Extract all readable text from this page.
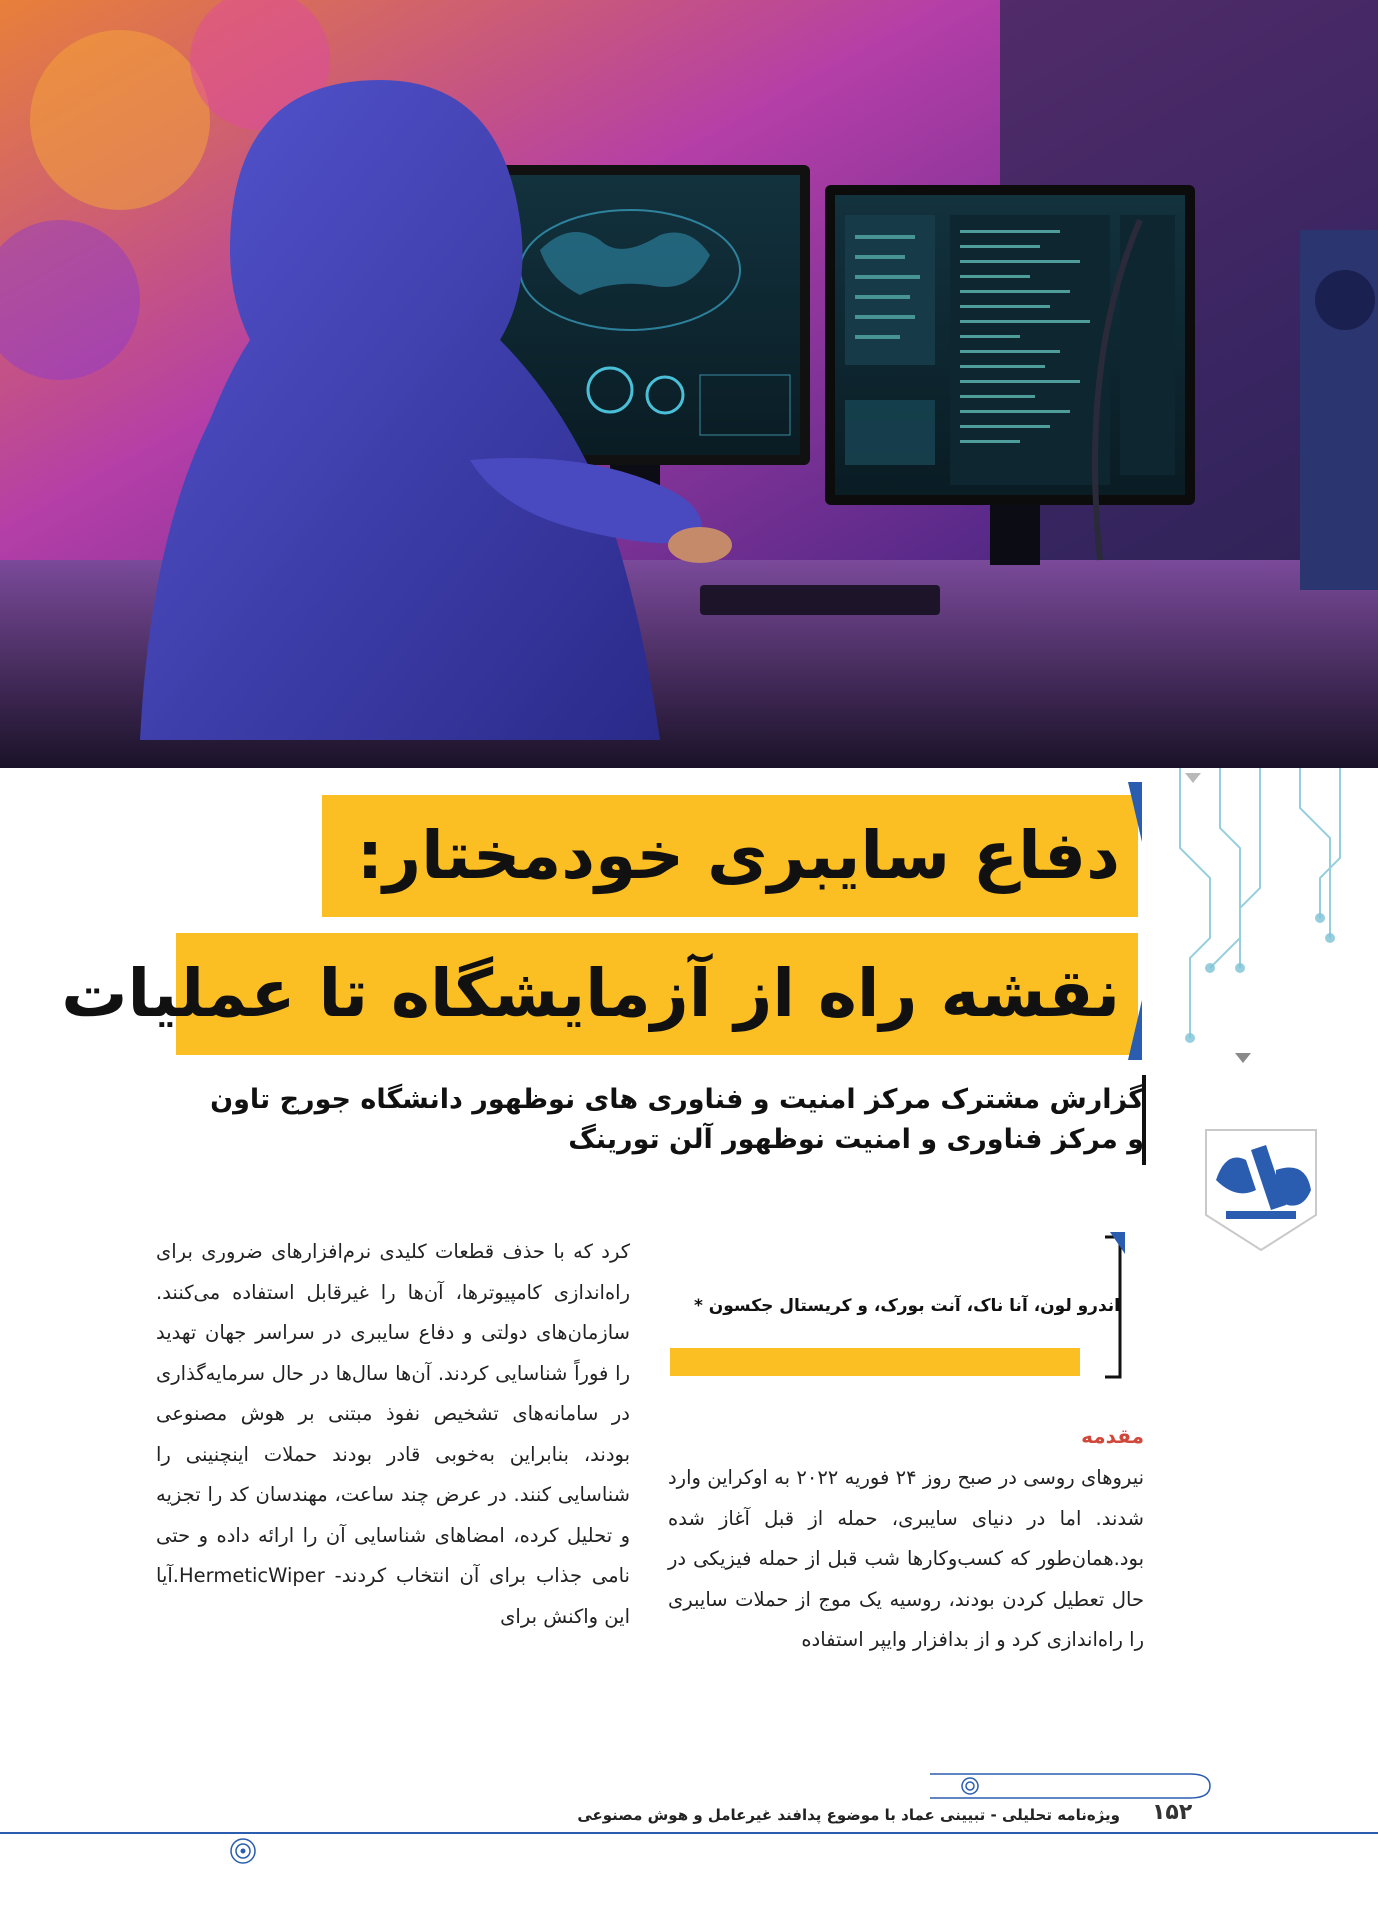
دفاع سایبری خودمختار:
نقشه راه از آزمایشگاه تا عملیات
گزارش مشترک مرکز امنیت و فناوری های نوظهور دانشگاه جورج تاون
و مرکز فناوری و امنیت نوظهور آلن تورینگ
اندرو لون، آنا ناک، آنت بورک، و کریستال جکسون *
مقدمه

نیروهای روسی در صبح روز ۲۴ فوریه ۲۰۲۲ به اوکراین وارد شدند. اما در دنیای سایبری، حمله از قبل آغاز شده بود.همان‌طور که کسب‌وکارها شب قبل از حمله فیزیکی در حال تعطیل کردن بودند، روسیه یک موج از حملات سایبری را راه‌اندازی کرد و از بدافزار وایپر استفاده

کرد که با حذف قطعات کلیدی نرم‌افزارهای ضروری برای راه‌اندازی کامپیوترها، آن‌ها را غیرقابل استفاده می‌کنند. سازمان‌های دولتی و دفاع سایبری در سراسر جهان تهدید را فوراً شناسایی کردند. آن‌ها سال‌ها در حال سرمایه‌گذاری در سامانه‌های تشخیص نفوذ مبتنی بر هوش مصنوعی بودند، بنابراین به‌خوبی قادر بودند حملات اینچنینی را شناسایی کنند. در عرض چند ساعت، مهندسان کد را تجزیه و تحلیل کرده، امضاهای شناسایی آن را ارائه داده و حتی نامی جذاب برای آن انتخاب کردند- HermeticWiper.آیا این واکنش برای

ویژه‌نامه تحلیلی - تبیینی عماد با موضوع پدافند غیرعامل و هوش مصنوعی ۱۵۲
